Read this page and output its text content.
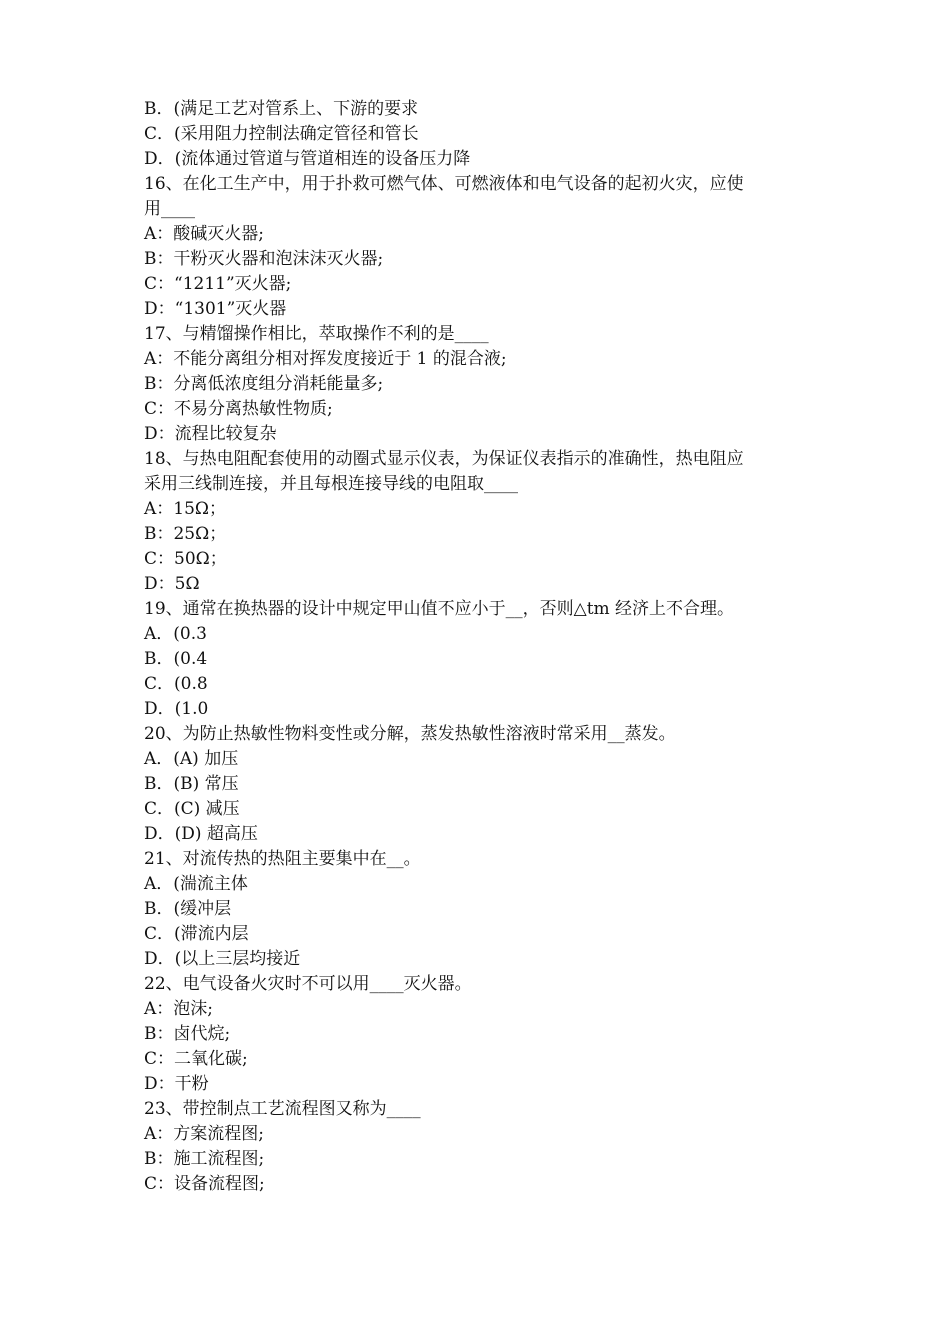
B．(满足工艺对管系上、下游的要求
C．(采用阻力控制法确定管径和管长
D．(流体通过管道与管道相连的设备压力降
16、在化工生产中，用于扑救可燃气体、可燃液体和电气设备的起初火灾，应使
用____
A：酸碱灭火器;
B：干粉灭火器和泡沫沫灭火器;
C：“1211”灭火器;
D：“1301”灭火器
17、与精馏操作相比，萃取操作不利的是____
A：不能分离组分相对挥发度接近于 1 的混合液;
B：分离低浓度组分消耗能量多;
C：不易分离热敏性物质;
D：流程比较复杂
18、与热电阻配套使用的动圈式显示仪表，为保证仪表指示的准确性，热电阻应
采用三线制连接，并且每根连接导线的电阻取____
A：15Ω；
B：25Ω；
C：50Ω；
D：5Ω
19、通常在换热器的设计中规定甲山值不应小于__，否则△tm 经济上不合理。
A．(0.3
B．(0.4
C．(0.8
D．(1.0
20、为防止热敏性物料变性或分解，蒸发热敏性溶液时常采用__蒸发。
A．(A) 加压
B．(B) 常压
C．(C) 减压
D．(D) 超高压
21、对流传热的热阻主要集中在__。
A．(湍流主体
B．(缓冲层
C．(滞流内层
D．(以上三层均接近
22、电气设备火灾时不可以用____灭火器。
A：泡沫;
B：卤代烷;
C：二氧化碳;
D：干粉
23、带控制点工艺流程图又称为____
A：方案流程图;
B：施工流程图;
C：设备流程图;
